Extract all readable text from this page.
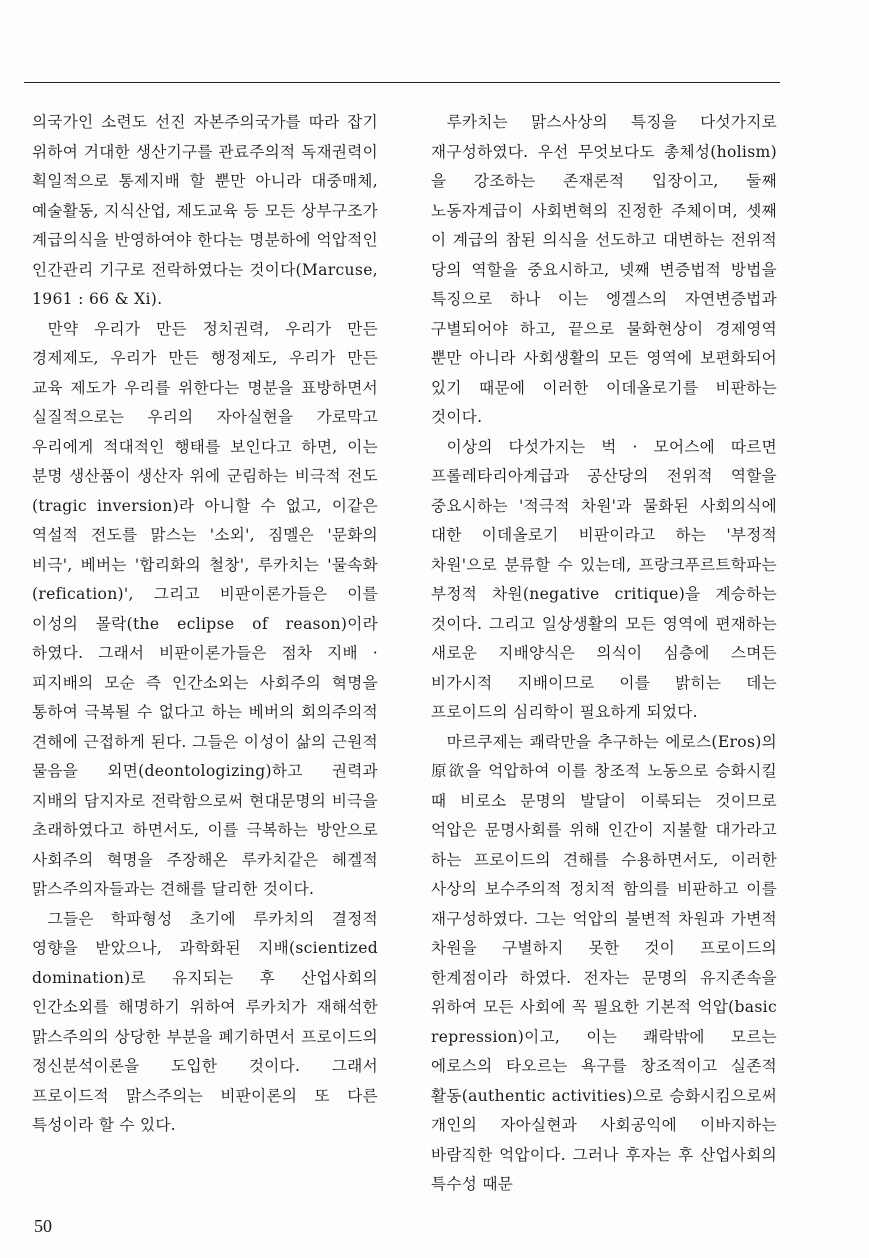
의국가인 소련도 선진 자본주의국가를 따라 잡기 위하여 거대한 생산기구를 관료주의적 독재권력이 획일적으로 통제지배 할 뿐만 아니라 대중매체, 예술활동, 지식산업, 제도교육 등 모든 상부구조가 계급의식을 반영하여야 한다는 명분하에 억압적인 인간관리 기구로 전락하였다는 것이다(Marcuse, 1961 : 66 & Xi).

만약 우리가 만든 정치권력, 우리가 만든 경제제도, 우리가 만든 행정제도, 우리가 만든 교육 제도가 우리를 위한다는 명분을 표방하면서 실질적으로는 우리의 자아실현을 가로막고 우리에게 적대적인 행태를 보인다고 하면, 이는 분명 생산품이 생산자 위에 군림하는 비극적 전도(tragic inversion)라 아니할 수 없고, 이같은 역설적 전도를 맑스는 '소외', 짐멜은 '문화의 비극', 베버는 '합리화의 철창', 루카치는 '물속화(refication)', 그리고 비판이론가들은 이를 이성의 몰락(the eclipse of reason)이라 하였다. 그래서 비판이론가들은 점차 지배 · 피지배의 모순 즉 인간소외는 사회주의 혁명을 통하여 극복될 수 없다고 하는 베버의 회의주의적 견해에 근접하게 된다. 그들은 이성이 삶의 근원적 물음을 외면(deontologizing)하고 권력과 지배의 담지자로 전락함으로써 현대문명의 비극을 초래하였다고 하면서도, 이를 극복하는 방안으로 사회주의 혁명을 주장해온 루카치같은 헤겔적 맑스주의자들과는 견해를 달리한 것이다.

그들은 학파형성 초기에 루카치의 결정적 영향을 받았으나, 과학화된 지배(scientized domination)로 유지되는 후 산업사회의 인간소외를 해명하기 위하여 루카치가 재해석한 맑스주의의 상당한 부분을 폐기하면서 프로이드의 정신분석이론을 도입한 것이다. 그래서 프로이드적 맑스주의는 비판이론의 또 다른 특성이라 할 수 있다.

루카치는 맑스사상의 특징을 다섯가지로 재구성하였다. 우선 무엇보다도 총체성(holism)을 강조하는 존재론적 입장이고, 둘째 노동자계급이 사회변혁의 진정한 주체이며, 셋째 이 계급의 참된 의식을 선도하고 대변하는 전위적 당의 역할을 중요시하고, 넷째 변증법적 방법을 특징으로 하나 이는 엥겔스의 자연변증법과 구별되어야 하고, 끝으로 물화현상이 경제영역 뿐만 아니라 사회생활의 모든 영역에 보편화되어 있기 때문에 이러한 이데올로기를 비판하는 것이다.

이상의 다섯가지는 벅 · 모어스에 따르면 프롤레타리아계급과 공산당의 전위적 역할을 중요시하는 '적극적 차원'과 물화된 사회의식에 대한 이데올로기 비판이라고 하는 '부정적 차원'으로 분류할 수 있는데, 프랑크푸르트학파는 부정적 차원(negative critique)을 계승하는 것이다. 그리고 일상생활의 모든 영역에 편재하는 새로운 지배양식은 의식이 심층에 스며든 비가시적 지배이므로 이를 밝히는 데는 프로이드의 심리학이 필요하게 되었다.

마르쿠제는 쾌락만을 추구하는 에로스(Eros)의 原欲을 억압하여 이를 창조적 노동으로 승화시킬 때 비로소 문명의 발달이 이룩되는 것이므로 억압은 문명사회를 위해 인간이 지불할 대가라고 하는 프로이드의 견해를 수용하면서도, 이러한 사상의 보수주의적 정치적 함의를 비판하고 이를 재구성하였다. 그는 억압의 불변적 차원과 가변적 차원을 구별하지 못한 것이 프로이드의 한계점이라 하였다. 전자는 문명의 유지존속을 위하여 모든 사회에 꼭 필요한 기본적 억압(basic repression)이고, 이는 쾌락밖에 모르는 에로스의 타오르는 욕구를 창조적이고 실존적 활동(authentic activities)으로 승화시킴으로써 개인의 자아실현과 사회공익에 이바지하는 바람직한 억압이다. 그러나 후자는 후 산업사회의 특수성 때문

50
